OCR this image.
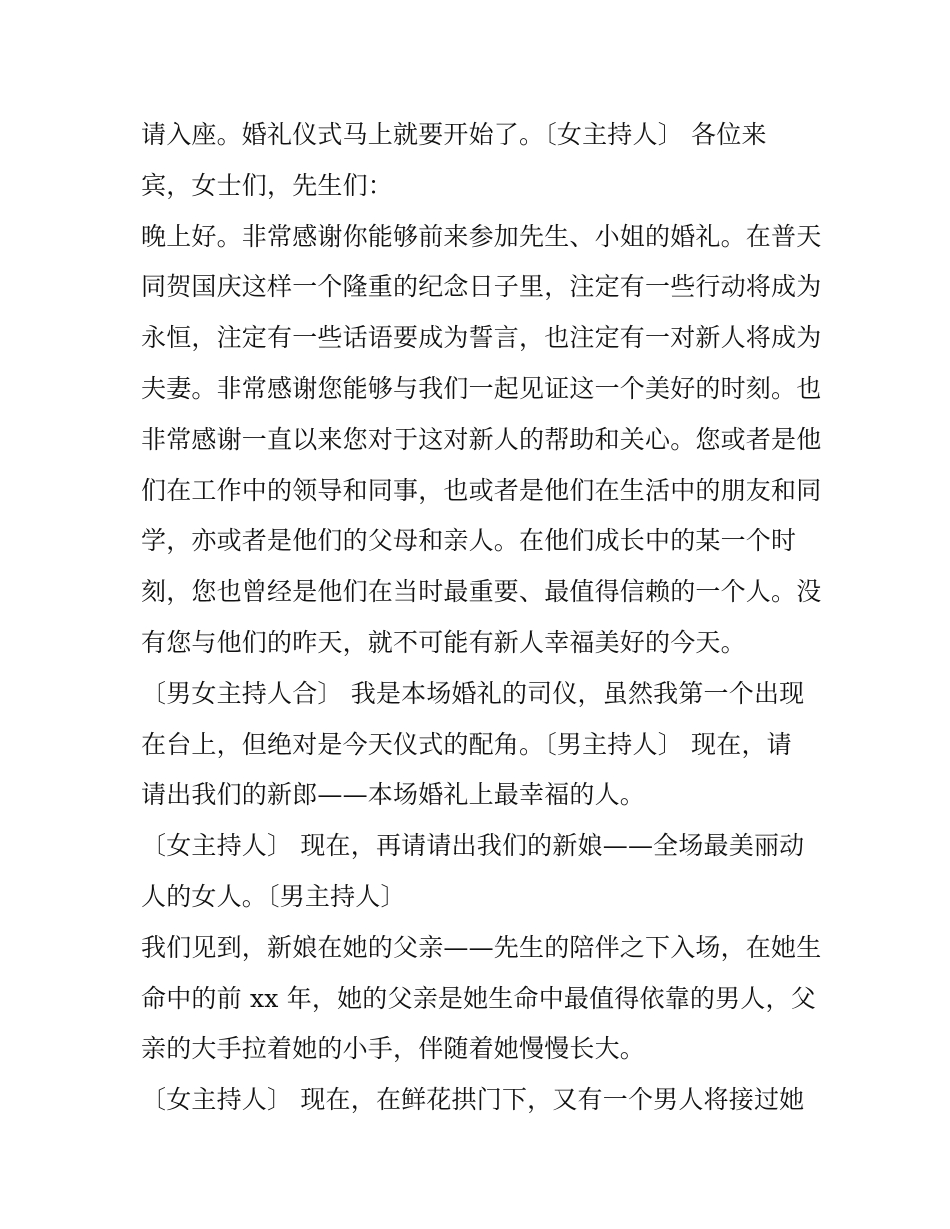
请入座。婚礼仪式马上就要开始了。〔女主持人〕 各位来
宾，女士们，先生们：
晚上好。非常感谢你能够前来参加先生、小姐的婚礼。在普天
同贺国庆这样一个隆重的纪念日子里，注定有一些行动将成为
永恒，注定有一些话语要成为誓言，也注定有一对新人将成为
夫妻。非常感谢您能够与我们一起见证这一个美好的时刻。也
非常感谢一直以来您对于这对新人的帮助和关心。您或者是他
们在工作中的领导和同事，也或者是他们在生活中的朋友和同
学，亦或者是他们的父母和亲人。在他们成长中的某一个时
刻，您也曾经是他们在当时最重要、最值得信赖的一个人。没
有您与他们的昨天，就不可能有新人幸福美好的今天。
〔男女主持人合〕 我是本场婚礼的司仪，虽然我第一个出现
在台上，但绝对是今天仪式的配角。〔男主持人〕 现在，请
请出我们的新郎——本场婚礼上最幸福的人。
〔女主持人〕 现在，再请请出我们的新娘——全场最美丽动
人的女人。〔男主持人〕
我们见到，新娘在她的父亲——先生的陪伴之下入场，在她生
命中的前 xx 年，她的父亲是她生命中最值得依靠的男人，父
亲的大手拉着她的小手，伴随着她慢慢长大。
〔女主持人〕 现在，在鲜花拱门下，又有一个男人将接过她
